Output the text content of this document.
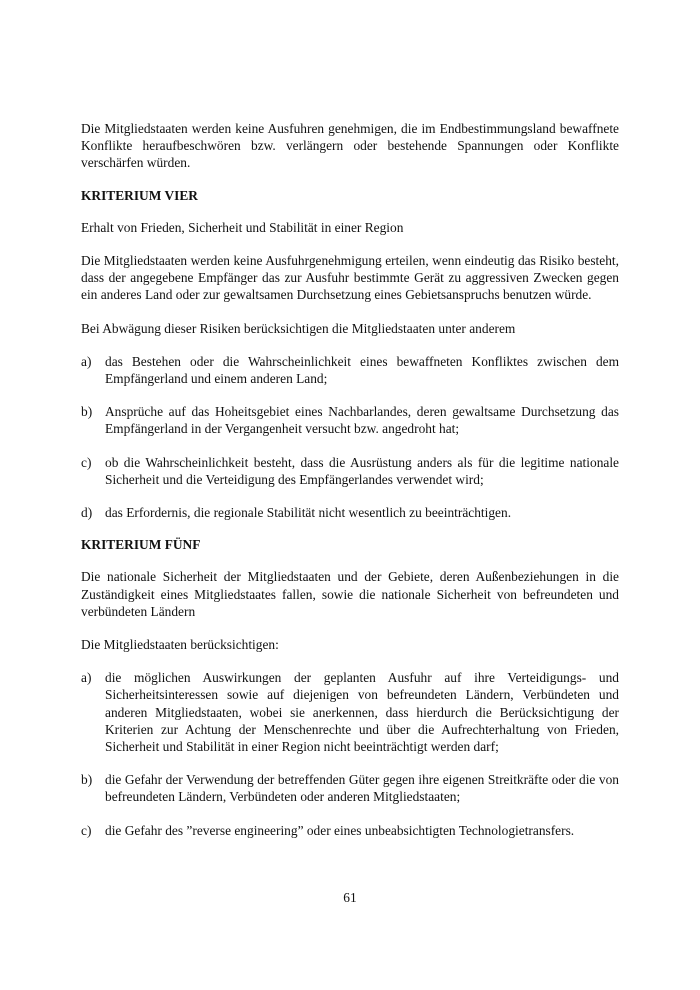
Die Mitgliedstaaten werden keine Ausfuhren genehmigen, die im Endbestimmungsland bewaffnete Konflikte heraufbeschwören bzw. verlängern oder bestehende Spannungen oder Konflikte verschärfen würden.

KRITERIUM VIER

Erhalt von Frieden, Sicherheit und Stabilität in einer Region

Die Mitgliedstaaten werden keine Ausfuhrgenehmigung erteilen, wenn eindeutig das Risiko besteht, dass der angegebene Empfänger das zur Ausfuhr bestimmte Gerät zu aggressiven Zwecken gegen ein anderes Land oder zur gewaltsamen Durchsetzung eines Gebietsanspruchs benutzen würde.

Bei Abwägung dieser Risiken berücksichtigen die Mitgliedstaaten unter anderem

a)	das Bestehen oder die Wahrscheinlichkeit eines bewaffneten Konfliktes zwischen dem Empfängerland und einem anderen Land;
b) Ansprüche auf das Hoheitsgebiet eines Nachbarlandes, deren gewaltsame Durchsetzung das Empfängerland in der Vergangenheit versucht bzw. angedroht hat;
c)	ob die Wahrscheinlichkeit besteht, dass die Ausrüstung anders als für die legitime nationale Sicherheit und die Verteidigung des Empfängerlandes verwendet wird;
d) das Erfordernis, die regionale Stabilität nicht wesentlich zu beeinträchtigen.
KRITERIUM FÜNF

Die nationale Sicherheit der Mitgliedstaaten und der Gebiete, deren Außenbeziehungen in die Zuständigkeit eines Mitgliedstaates fallen, sowie die nationale Sicherheit von befreundeten und verbündeten Ländern

Die Mitgliedstaaten berücksichtigen:

a)	die möglichen Auswirkungen der geplanten Ausfuhr auf ihre Verteidigungs- und Sicherheitsinteressen sowie auf diejenigen von befreundeten Ländern, Verbündeten und anderen Mitgliedstaaten, wobei sie anerkennen, dass hierdurch die Berücksichtigung der Kriterien zur Achtung der Menschenrechte und über die Aufrechterhaltung von Frieden, Sicherheit und Stabilität in einer Region nicht beeinträchtigt werden darf;
b) die Gefahr der Verwendung der betreffenden Güter gegen ihre eigenen Streitkräfte oder die von befreundeten Ländern, Verbündeten oder anderen Mitgliedstaaten;
c)	die Gefahr des ”reverse engineering” oder eines unbeabsichtigten Technologietransfers.
61
